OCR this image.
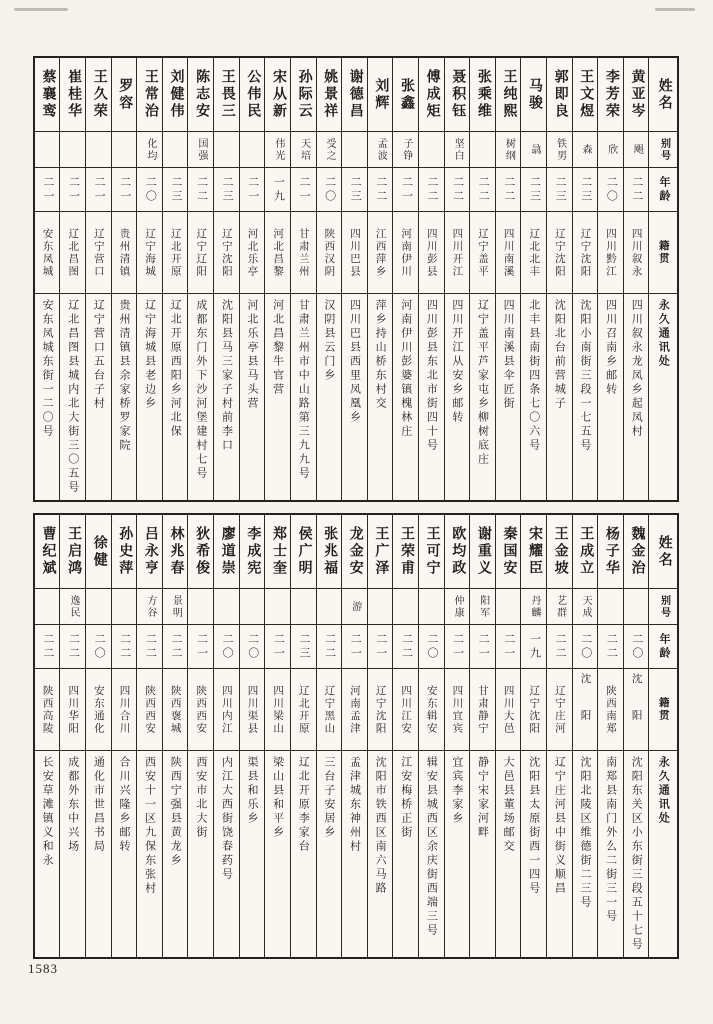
姓名
别号
年龄
籍贯
永久通讯处
黄亚岑
飓
二二
四川叙永
四川叙永龙凤乡起凤村
李芳荣
欣
二〇
四川黔江
四川召南乡邮转
王文煜
森
二三
辽宁沈阳
沈阳小南街三段一七五号
郭即良
铁男
二三
辽宁沈阳
沈阳北台前营城子
马骏
骉
二三
辽北北丰
北丰县南街四条七〇六号
王纯熙
树纲
二二
四川南溪
四川南溪县伞匠街
张乘维
二二
辽宁盖平
辽宁盖平芦家屯乡柳树底庄
聂积钰
坚白
二二
四川开江
四川开江从安乡邮转
傅成矩
二二
四川彭县
四川彭县东北市街四十号
张鑫
子铮
二一
河南伊川
河南伊川彭婆镇槐林庄
刘辉
孟波
二二
江西萍乡
萍乡持山桥东村交
谢德昌
二三
四川巴县
四川巴县西里凤凰乡
姚景祥
受之
二〇
陕西汉阴
汉阴县云门乡
孙际云
天培
二一
甘肃兰州
甘肃兰州市中山路第三九九号
宋从新
伟光
一九
河北昌黎
河北昌黎牛官营
公伟民
二一
河北乐亭
河北乐亭县马头营
王畏三
二三
辽宁沈阳
沈阳县马三家子村前李口
陈志安
国强
二二
辽宁辽阳
成都东门外下沙河堡建村七号
刘健伟
二三
辽北开原
辽北开原西阳乡河北保
王常治
化均
二〇
辽宁海城
辽宁海城县老边乡
罗容
二一
贵州清镇
贵州清镇县余家桥罗家院
王久荣
二一
辽宁营口
辽宁营口五台子村
崔桂华
二一
辽北昌图
辽北昌图县城内北大街三〇五号
蔡襄鸾
二一
安东凤城
安东凤城东街一二〇号
姓名
别号
年龄
籍贯
永久通讯处
魏金治
二〇
沈阳
沈阳东关区小东街三段五十七号
杨子华
二二
陕西南郑
南郑县南门外么二街三一号
王成立
天成
二〇
沈阳
沈阳北陵区维德街二三号
王金坡
艺群
二二
辽宁庄河
辽宁庄河县中街义顺昌
宋耀臣
丹麟
一九
辽宁沈阳
沈阳县太原街西一四号
秦国安
二一
四川大邑
大邑县董场邮交
谢重义
阳军
二一
甘肃静宁
静宁宋家河畔
欧均政
仲康
二一
四川宜宾
宜宾李家乡
王可宁
二〇
安东辑安
辑安县城西区余庆街西端三号
王荣甫
二二
四川江安
江安梅桥正街
王广泽
二一
辽宁沈阳
沈阳市铁西区南六马路
龙金安
游
二一
河南孟津
孟津城东神州村
张兆福
二二
辽宁黑山
三台子安居乡
侯广明
二三
辽北开原
辽北开原李家台
郑士奎
二一
四川梁山
梁山县和平乡
李成宪
二〇
四川渠县
渠县和乐乡
廖道崇
二〇
四川内江
内江大西街饶春药号
狄希俊
二一
陕西西安
西安市北大街
林兆春
景明
二二
陕西褒城
陕西宁强县黄龙乡
吕永亨
方谷
二二
陕西西安
西安十一区九保东张村
孙史萍
二二
四川合川
合川兴隆乡邮转
徐健
二〇
安东通化
通化市世昌书局
王启鸿
逸民
二二
四川华阳
成都外东中兴场
曹纪斌
二二
陕西高陵
长安草滩镇义和永
1583
